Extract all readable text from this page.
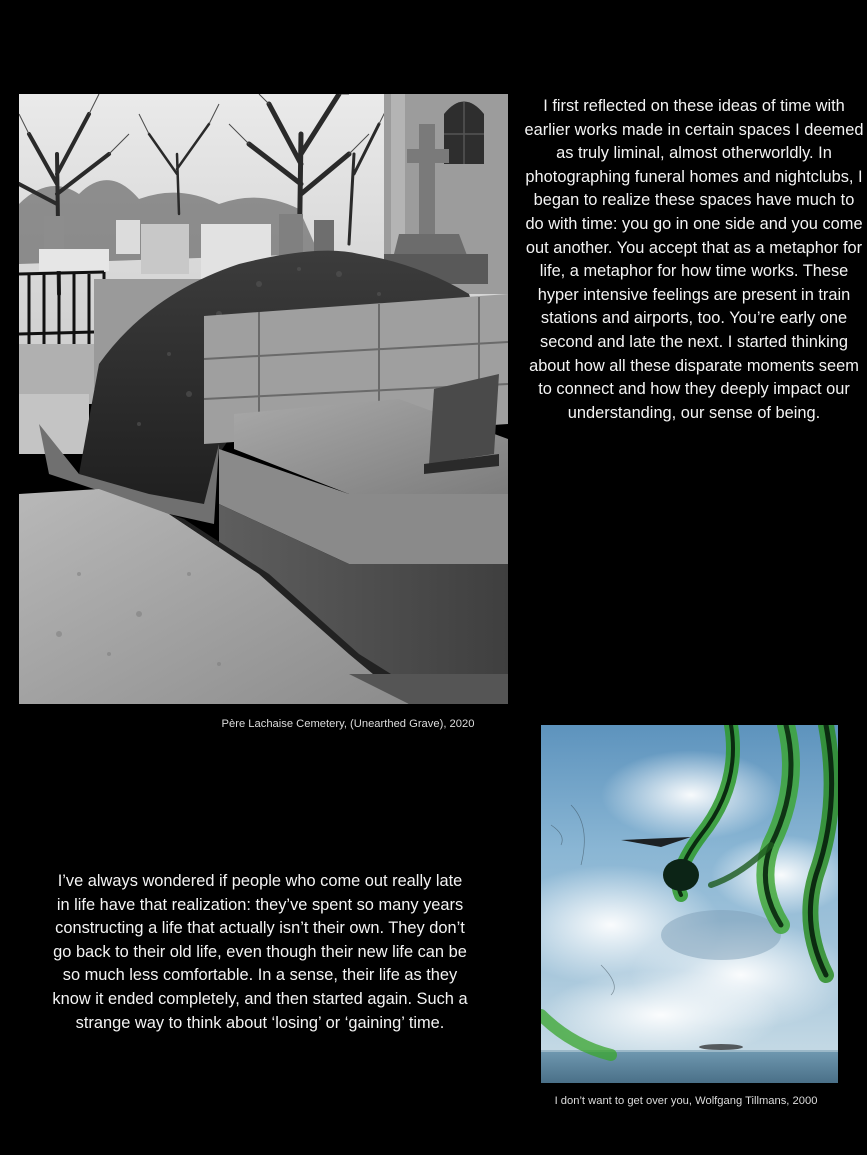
Père Lachaise Cemetery, (Unearthed Grave), 2020

I first reflected on these ideas of time with earlier works made in certain spaces I deemed as truly liminal, almost otherworldly. In photographing funeral homes and nightclubs, I began to realize these spaces have much to do with time: you go in one side and you come out another. You accept that as a metaphor for life, a metaphor for how time works. These hyper intensive feelings are present in train stations and airports, too. You’re early one second and late the next. I started thinking about how all these disparate moments seem to connect and how they deeply impact our understanding, our sense of being.

I’ve always wondered if people who come out really late in life have that realization: they’ve spent so many years constructing a life that actually isn’t their own. They don’t go back to their old life, even though their new life can be so much less comfortable. In a sense, their life as they know it ended completely, and then started again. Such a strange way to think about ‘losing’ or ‘gaining’ time.

I don’t want to get over you, Wolfgang Tillmans, 2000
